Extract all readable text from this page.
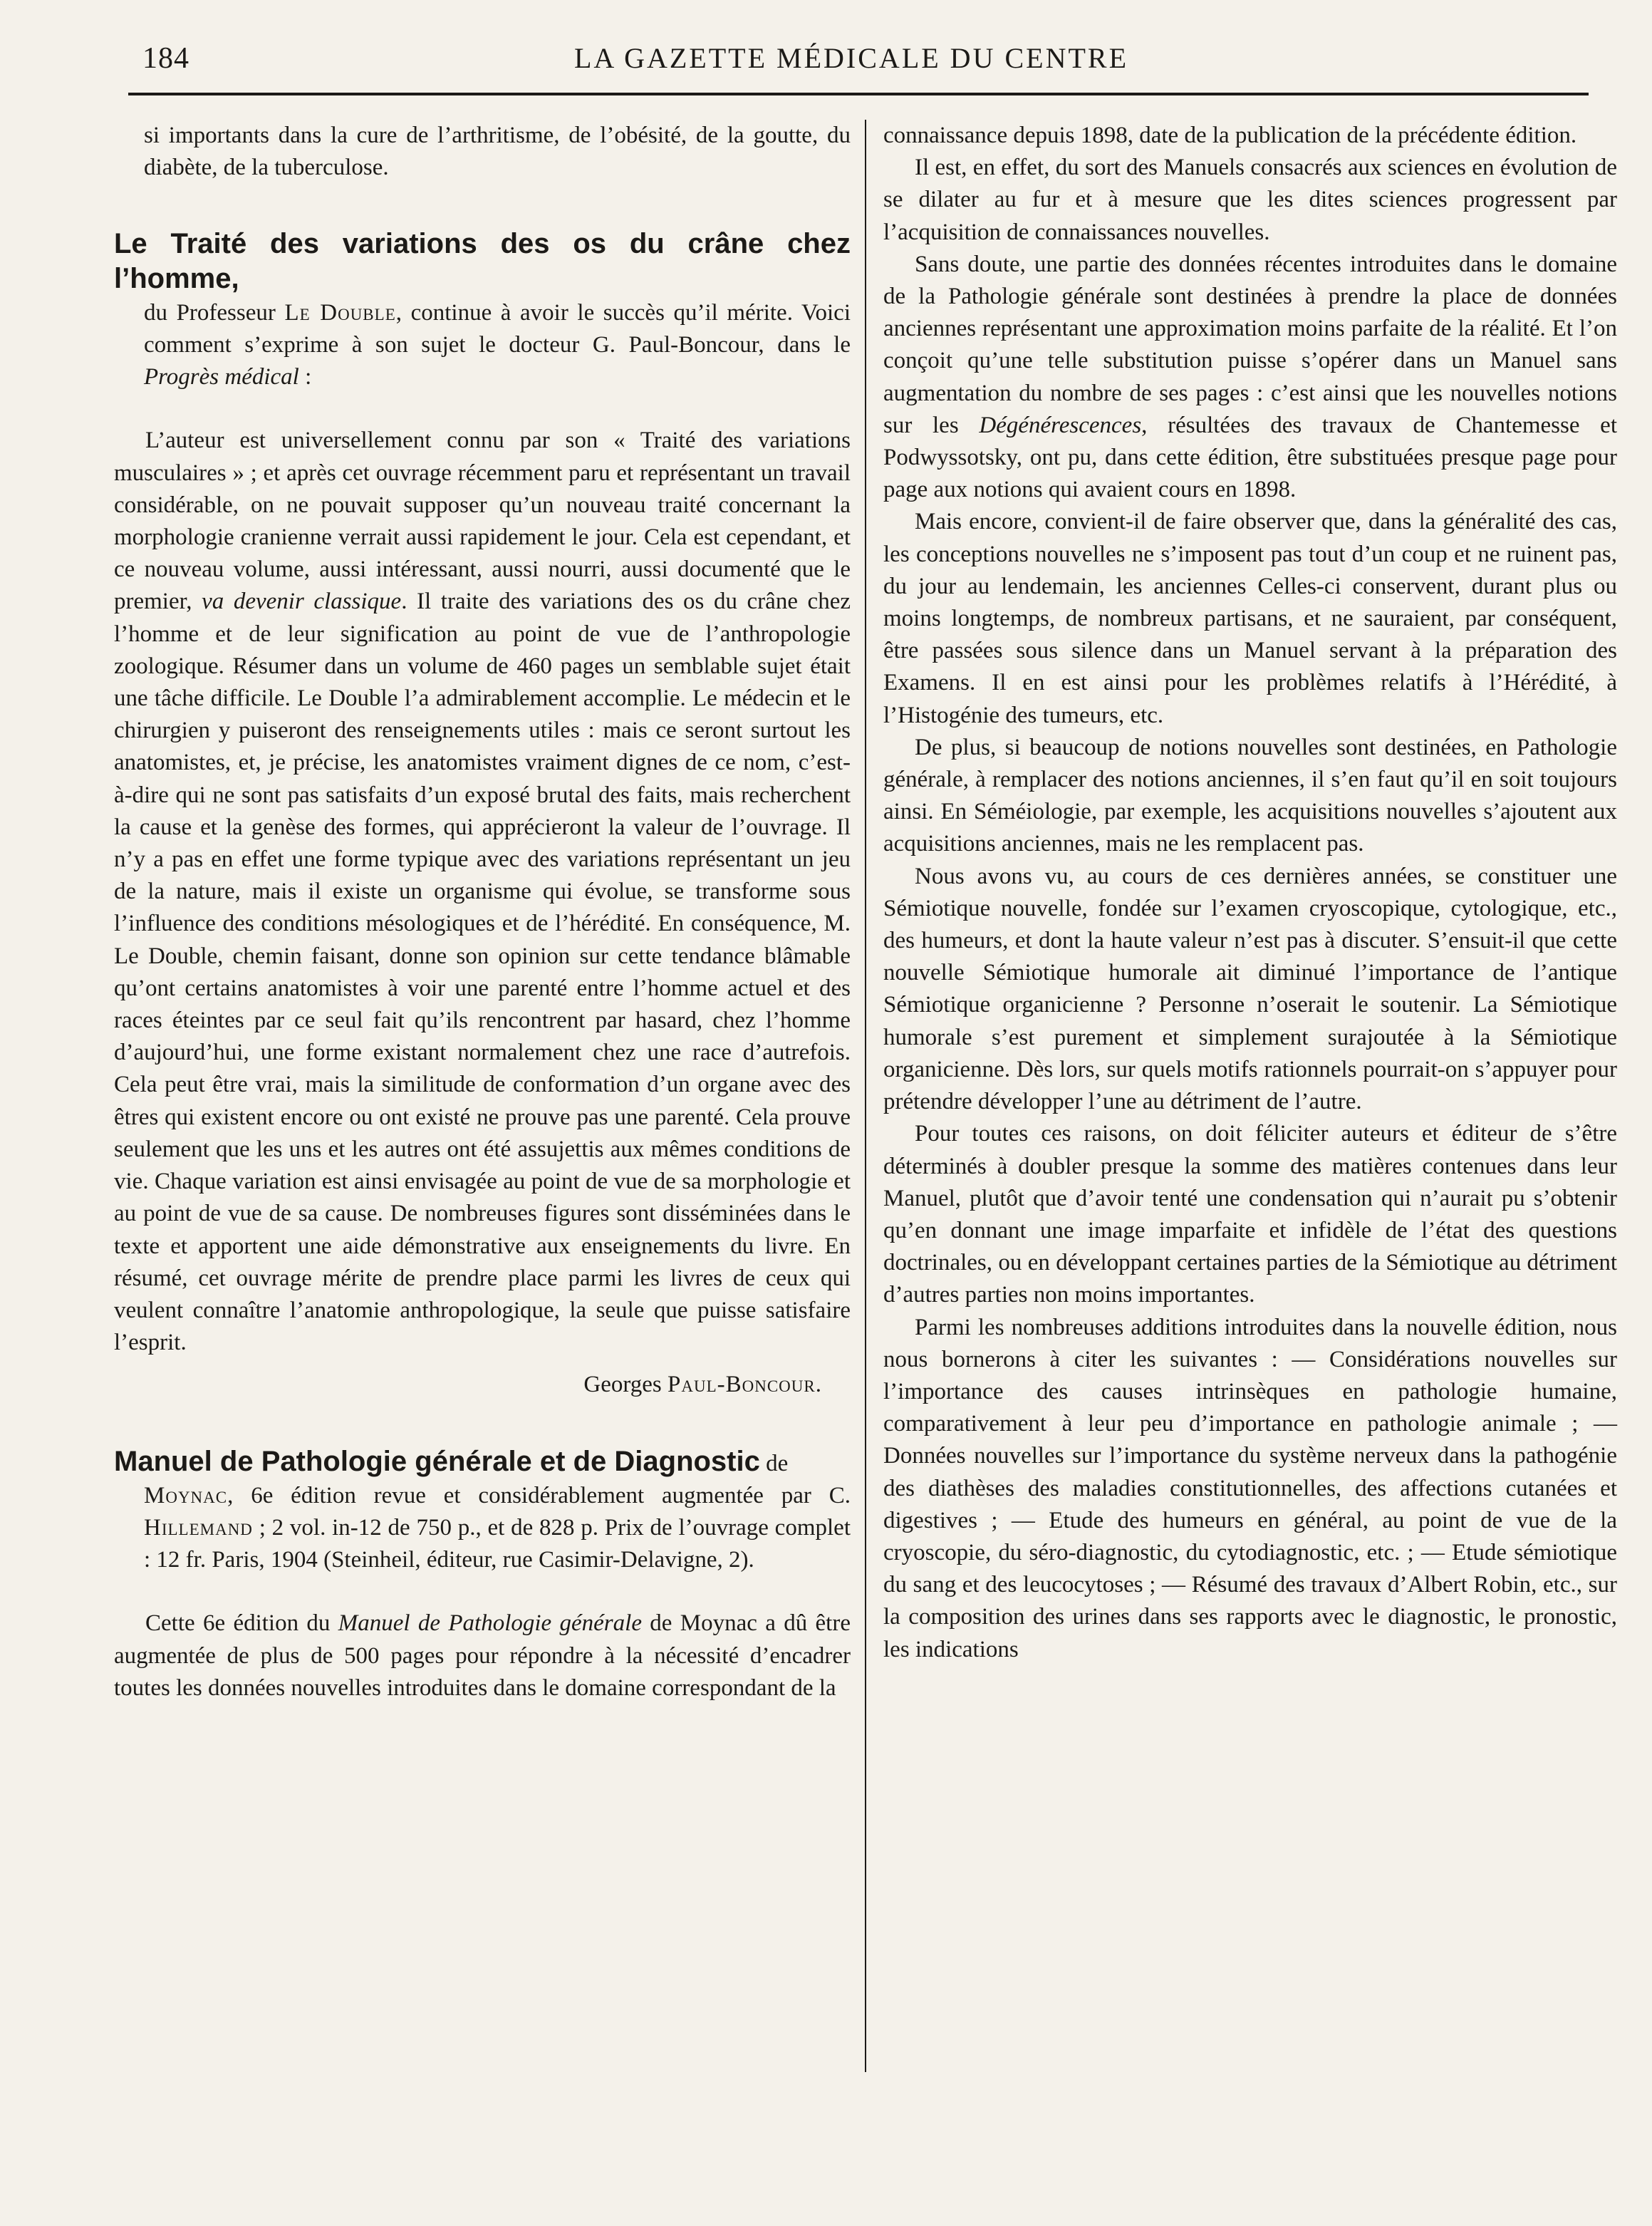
184	LA GAZETTE MÉDICALE DU CENTRE

si importants dans la cure de l’arthritisme, de l’obésité, de la goutte, du diabète, de la tuberculose.

Le Traité des variations des os du crâne chez l’homme,

du Professeur Le Double, continue à avoir le succès qu’il mérite. Voici comment s’exprime à son sujet le docteur G. Paul-Boncour, dans le Progrès médical :

L’auteur est universellement connu par son « Traité des variations musculaires » ; et après cet ouvrage récemment paru et représentant un travail considérable, on ne pouvait supposer qu’un nouveau traité concernant la morphologie cranienne verrait aussi rapidement le jour. Cela est cependant, et ce nouveau volume, aussi intéressant, aussi nourri, aussi documenté que le premier, va devenir classique. Il traite des variations des os du crâne chez l’homme et de leur signification au point de vue de l’anthropologie zoologique. Résumer dans un volume de 460 pages un semblable sujet était une tâche difficile. Le Double l’a admirablement accomplie. Le médecin et le chirurgien y puiseront des renseignements utiles : mais ce seront surtout les anatomistes, et, je précise, les anatomistes vraiment dignes de ce nom, c’est-à-dire qui ne sont pas satisfaits d’un exposé brutal des faits, mais recherchent la cause et la genèse des formes, qui apprécieront la valeur de l’ouvrage. Il n’y a pas en effet une forme typique avec des variations représentant un jeu de la nature, mais il existe un organisme qui évolue, se transforme sous l’influence des conditions mésologiques et de l’hérédité. En conséquence, M. Le Double, chemin faisant, donne son opinion sur cette tendance blâmable qu’ont certains anatomistes à voir une parenté entre l’homme actuel et des races éteintes par ce seul fait qu’ils rencontrent par hasard, chez l’homme d’aujourd’hui, une forme existant normalement chez une race d’autrefois. Cela peut être vrai, mais la similitude de conformation d’un organe avec des êtres qui existent encore ou ont existé ne prouve pas une parenté. Cela prouve seulement que les uns et les autres ont été assujettis aux mêmes conditions de vie. Chaque variation est ainsi envisagée au point de vue de sa morphologie et au point de vue de sa cause. De nombreuses figures sont disséminées dans le texte et apportent une aide démonstrative aux enseignements du livre. En résumé, cet ouvrage mérite de prendre place parmi les livres de ceux qui veulent connaître l’anatomie anthropologique, la seule que puisse satisfaire l’esprit.

Georges Paul-Boncour.

Manuel de Pathologie générale et de Diagnostic de

Moynac, 6e édition revue et considérablement augmentée par C. Hillemand ; 2 vol. in-12 de 750 p., et de 828 p. Prix de l’ouvrage complet : 12 fr. Paris, 1904 (Steinheil, éditeur, rue Casimir-Delavigne, 2).

Cette 6e édition du Manuel de Pathologie générale de Moynac a dû être augmentée de plus de 500 pages pour répondre à la nécessité d’encadrer toutes les données nouvelles introduites dans le domaine correspondant de la

connaissance depuis 1898, date de la publication de la précédente édition.

Il est, en effet, du sort des Manuels consacrés aux sciences en évolution de se dilater au fur et à mesure que les dites sciences progressent par l’acquisition de connaissances nouvelles.

Sans doute, une partie des données récentes introduites dans le domaine de la Pathologie générale sont destinées à prendre la place de données anciennes représentant une approximation moins parfaite de la réalité. Et l’on conçoit qu’une telle substitution puisse s’opérer dans un Manuel sans augmentation du nombre de ses pages : c’est ainsi que les nouvelles notions sur les Dégénérescences, résultées des travaux de Chantemesse et Podwyssotsky, ont pu, dans cette édition, être substituées presque page pour page aux notions qui avaient cours en 1898.

Mais encore, convient-il de faire observer que, dans la généralité des cas, les conceptions nouvelles ne s’imposent pas tout d’un coup et ne ruinent pas, du jour au lendemain, les anciennes Celles-ci conservent, durant plus ou moins longtemps, de nombreux partisans, et ne sauraient, par conséquent, être passées sous silence dans un Manuel servant à la préparation des Examens. Il en est ainsi pour les problèmes relatifs à l’Hérédité, à l’Histogénie des tumeurs, etc.

De plus, si beaucoup de notions nouvelles sont destinées, en Pathologie générale, à remplacer des notions anciennes, il s’en faut qu’il en soit toujours ainsi. En Séméiologie, par exemple, les acquisitions nouvelles s’ajoutent aux acquisitions anciennes, mais ne les remplacent pas.

Nous avons vu, au cours de ces dernières années, se constituer une Sémiotique nouvelle, fondée sur l’examen cryoscopique, cytologique, etc., des humeurs, et dont la haute valeur n’est pas à discuter. S’ensuit-il que cette nouvelle Sémiotique humorale ait diminué l’importance de l’antique Sémiotique organicienne ? Personne n’oserait le soutenir. La Sémiotique humorale s’est purement et simplement surajoutée à la Sémiotique organicienne. Dès lors, sur quels motifs rationnels pourrait-on s’appuyer pour prétendre développer l’une au détriment de l’autre.

Pour toutes ces raisons, on doit féliciter auteurs et éditeur de s’être déterminés à doubler presque la somme des matières contenues dans leur Manuel, plutôt que d’avoir tenté une condensation qui n’aurait pu s’obtenir qu’en donnant une image imparfaite et infidèle de l’état des questions doctrinales, ou en développant certaines parties de la Sémiotique au détriment d’autres parties non moins importantes.

Parmi les nombreuses additions introduites dans la nouvelle édition, nous nous bornerons à citer les suivantes : — Considérations nouvelles sur l’importance des causes intrinsèques en pathologie humaine, comparativement à leur peu d’importance en pathologie animale ; — Données nouvelles sur l’importance du système nerveux dans la pathogénie des diathèses des maladies constitutionnelles, des affections cutanées et digestives ; — Etude des humeurs en général, au point de vue de la cryoscopie, du séro-diagnostic, du cytodiagnostic, etc. ; — Etude sémiotique du sang et des leucocytoses ; — Résumé des travaux d’Albert Robin, etc., sur la composition des urines dans ses rapports avec le diagnostic, le pronostic, les indications
